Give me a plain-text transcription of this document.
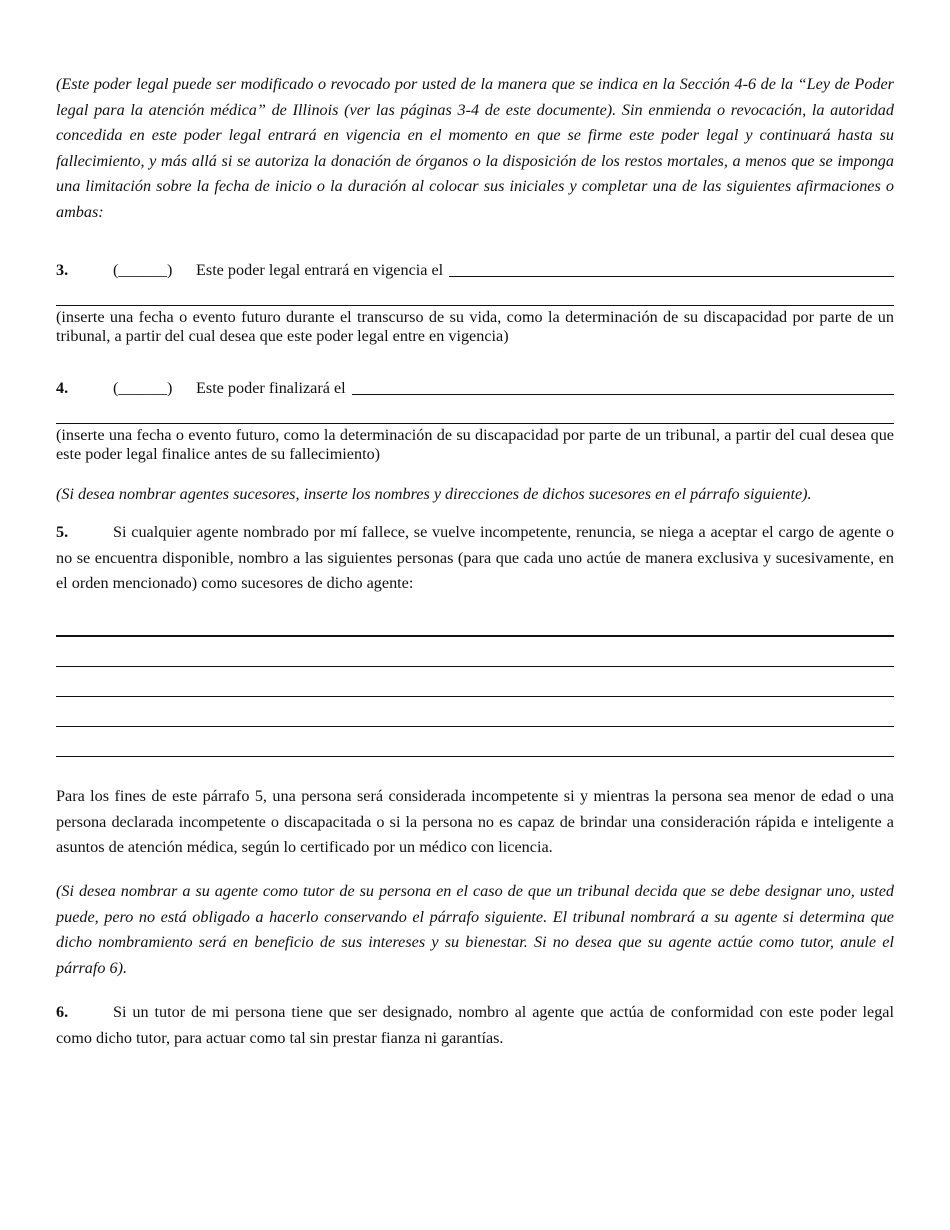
(Este poder legal puede ser modificado o revocado por usted de la manera que se indica en la Sección 4-6 de la “Ley de Poder legal para la atención médica” de Illinois (ver las páginas 3-4 de este documente). Sin enmienda o revocación, la autoridad concedida en este poder legal entrará en vigencia en el momento en que se firme este poder legal y continuará hasta su fallecimiento, y más allá si se autoriza la donación de órganos o la disposición de los restos mortales, a menos que se imponga una limitación sobre la fecha de inicio o la duración al colocar sus iniciales y completar una de las siguientes afirmaciones o ambas:

3.	(______)	Este poder legal entrará en vigencia el

(inserte una fecha o evento futuro durante el transcurso de su vida, como la determinación de su discapacidad por parte de un tribunal, a partir del cual desea que este poder legal entre en vigencia)

4.	(______)	Este poder finalizará el

(inserte una fecha o evento futuro, como la determinación de su discapacidad por parte de un tribunal, a partir del cual desea que este poder legal finalice antes de su fallecimiento)

(Si desea nombrar agentes sucesores, inserte los nombres y direcciones de dichos sucesores en el párrafo siguiente).

5.	Si cualquier agente nombrado por mí fallece, se vuelve incompetente, renuncia, se niega a aceptar el cargo de agente o no se encuentra disponible, nombro a las siguientes personas (para que cada uno actúe de manera exclusiva y sucesivamente, en el orden mencionado) como sucesores de dicho agente:

Para los fines de este párrafo 5, una persona será considerada incompetente si y mientras la persona sea menor de edad o una persona declarada incompetente o discapacitada o si la persona no es capaz de brindar una consideración rápida e inteligente a asuntos de atención médica, según lo certificado por un médico con licencia.

(Si desea nombrar a su agente como tutor de su persona en el caso de que un tribunal decida que se debe designar uno, usted puede, pero no está obligado a hacerlo conservando el párrafo siguiente. El tribunal nombrará a su agente si determina que dicho nombramiento será en beneficio de sus intereses y su bienestar. Si no desea que su agente actúe como tutor, anule el párrafo 6).

6.	Si un tutor de mi persona tiene que ser designado, nombro al agente que actúa de conformidad con este poder legal como dicho tutor, para actuar como tal sin prestar fianza ni garantías.
